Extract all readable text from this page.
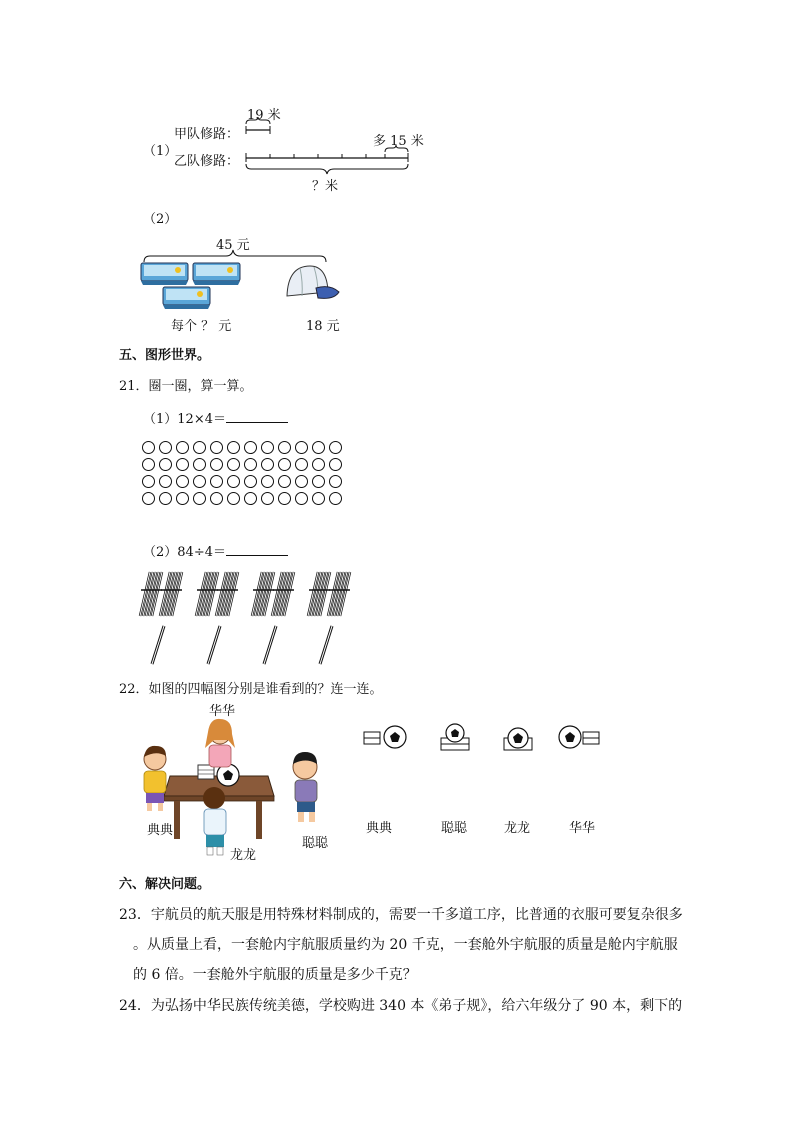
（1）
甲队修路：
19 米
乙队修路：
多 15 米
？米
（2）
45 元
每个 ？ 元	18 元
五、图形世界。
21．圈一圈，算一算。
（1）12×4＝
（2）84÷4＝
22．如图的四幅图分别是谁看到的？连一连。
华华
典典
聪聪
龙龙
典典	聪聪	龙龙	华华
六、解决问题。
23．宇航员的航天服是用特殊材料制成的，需要一千多道工序，比普通的衣服可要复杂很多
。从质量上看，一套舱内宇航服质量约为 20 千克，一套舱外宇航服的质量是舱内宇航服
的 6 倍。一套舱外宇航服的质量是多少千克？
24．为弘扬中华民族传统美德，学校购进 340 本《弟子规》，给六年级分了 90 本，剩下的
